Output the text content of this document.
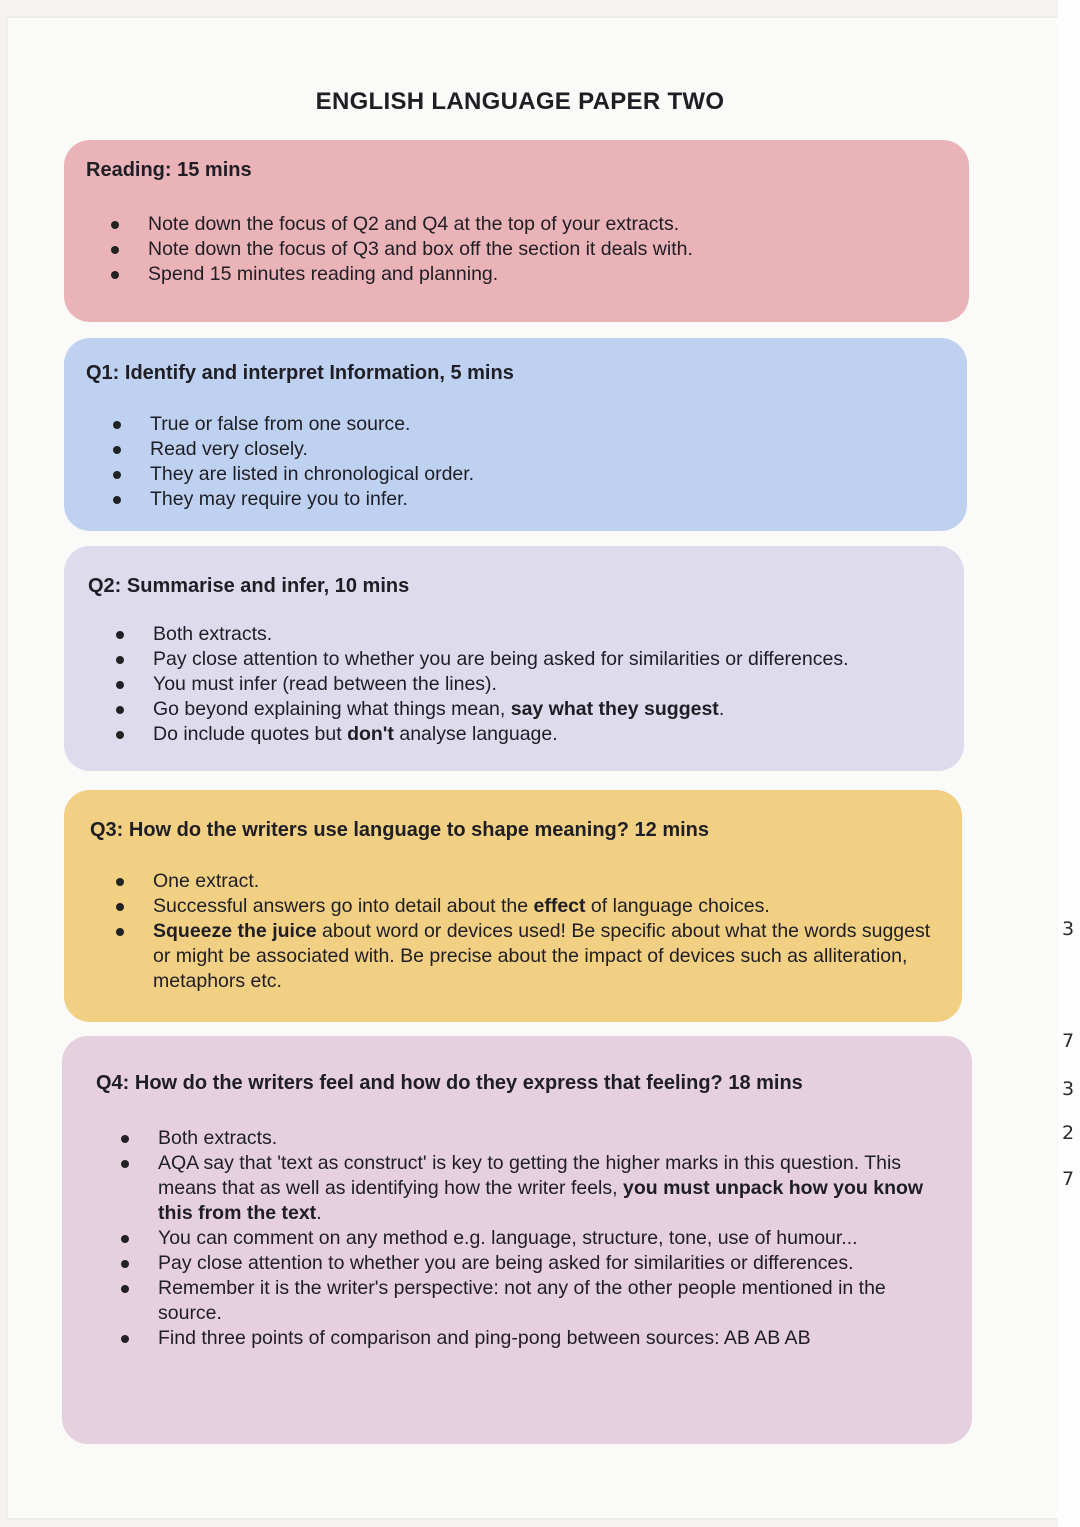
3
7
3
2
7
ENGLISH LANGUAGE PAPER TWO
Reading: 15 mins
Note down the focus of Q2 and Q4 at the top of your extracts.
Note down the focus of Q3 and box off the section it deals with.
Spend 15 minutes reading and planning.
Q1: Identify and interpret Information, 5 mins
True or false from one source.
Read very closely.
They are listed in chronological order.
They may require you to infer.
Q2: Summarise and infer, 10 mins
Both extracts.
Pay close attention to whether you are being asked for similarities or differences.
You must infer (read between the lines).
Go beyond explaining what things mean, say what they suggest.
Do include quotes but don't analyse language.
Q3: How do the writers use language to shape meaning? 12 mins
One extract.
Successful answers go into detail about the effect of language choices.
Squeeze the juice about word or devices used! Be specific about what the words suggest or might be associated with. Be precise about the impact of devices such as alliteration, metaphors etc.
Q4: How do the writers feel and how do they express that feeling? 18 mins
Both extracts.
AQA say that 'text as construct' is key to getting the higher marks in this question. This means that as well as identifying how the writer feels, you must unpack how you know this from the text.
You can comment on any method e.g. language, structure, tone, use of humour...
Pay close attention to whether you are being asked for similarities or differences.
Remember it is the writer's perspective: not any of the other people mentioned in the source.
Find three points of comparison and ping-pong between sources: AB AB AB
